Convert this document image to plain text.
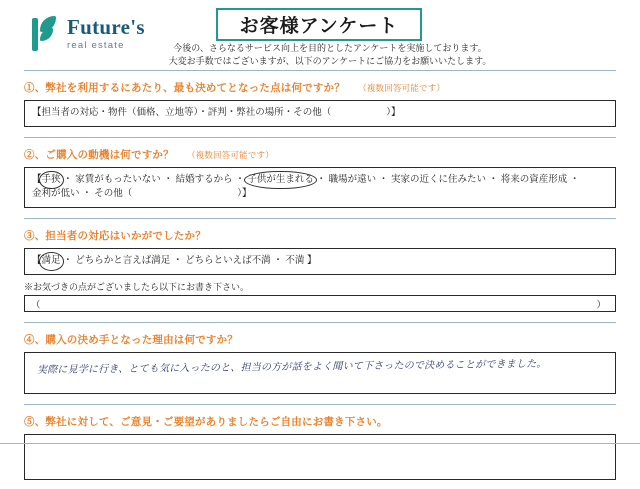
Future's
real estate
お客様アンケート
今後の、さらなるサービス向上を目的としたアンケートを実施しております。
大変お手数ではございますが、以下のアンケートにご協力をお願いいたします。
①、弊社を利用するにあたり、最も決めてとなった点は何ですか？ （複数回答可能です）
【担当者の対応・物件（価格、立地等）・評判・弊社の場所・その他（	）】
②、ご購入の動機は何ですか？ （複数回答可能です）
【手狭 ・ 家賃がもったいない ・ 結婚するから ・ 子供が生まれる ・ 職場が遠い ・ 実家の近くに住みたい ・ 将来の資産形成 ・
金利が低い ・ その他（	）】
③、担当者の対応はいかがでしたか？
【満足 ・ どちらかと言えば満足 ・ どちらといえば不満 ・ 不満 】
※お気づきの点がございましたら以下にお書き下さい。
（	）
④、購入の決め手となった理由は何ですか？
実際に見学に行き、とても気に入ったのと、担当の方が話をよく聞いて下さったので決めることができました。
⑤、弊社に対して、ご意見・ご要望がありましたらご自由にお書き下さい。
